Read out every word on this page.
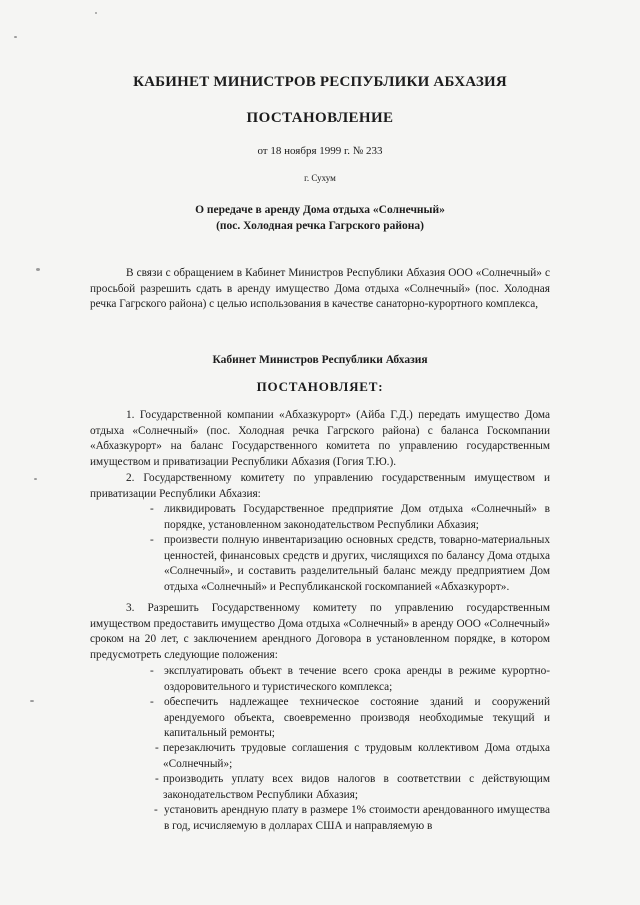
КАБИНЕТ МИНИСТРОВ РЕСПУБЛИКИ АБХАЗИЯ
ПОСТАНОВЛЕНИЕ
от 18 ноября 1999 г. № 233
г. Сухум
О передаче в аренду Дома отдыха «Солнечный»
(пос. Холодная речка Гагрского района)

В связи с обращением в Кабинет Министров Республики Абхазия ООО «Солнечный» с просьбой разрешить сдать в аренду имущество Дома отдыха «Солнечный» (пос. Холодная речка Гагрского района) с целью использования в качестве санаторно-курортного комплекса,

Кабинет Министров Республики Абхазия
ПОСТАНОВЛЯЕТ:

1. Государственной компании «Абхазкурорт» (Айба Г.Д.) передать имущество Дома отдыха «Солнечный» (пос. Холодная речка Гагрского района) с баланса Госкомпании «Абхазкурорт» на баланс Государственного комитета по управлению государственным имуществом и приватизации Республики Абхазия (Гогия Т.Ю.).

2. Государственному комитету по управлению государственным имуществом и приватизации Республики Абхазия:

- ликвидировать Государственное предприятие Дом отдыха «Солнечный» в порядке, установленном законодательством Республики Абхазия;

- произвести полную инвентаризацию основных средств, товарно-материальных ценностей, финансовых средств и других, числящихся по балансу Дома отдыха «Солнечный», и составить разделительный баланс между предприятием Дом отдыха «Солнечный» и Республиканской госкомпанией «Абхазкурорт».

3. Разрешить Государственному комитету по управлению государственным имуществом предоставить имущество Дома отдыха «Солнечный» в аренду ООО «Солнечный» сроком на 20 лет, с заключением арендного Договора в установленном порядке, в котором предусмотреть следующие положения:

- эксплуатировать объект в течение всего срока аренды в режиме курортно-оздоровительного и туристического комплекса;

- обеспечить надлежащее техническое состояние зданий и сооружений арендуемого объекта, своевременно производя необходимые текущий и капитальный ремонты;

- перезаключить трудовые соглашения с трудовым коллективом Дома отдыха «Солнечный»;

- производить уплату всех видов налогов в соответствии с действующим законодательством Республики Абхазия;

- установить арендную плату в размере 1% стоимости арендованного имущества в год, исчисляемую в долларах США и направляемую в
